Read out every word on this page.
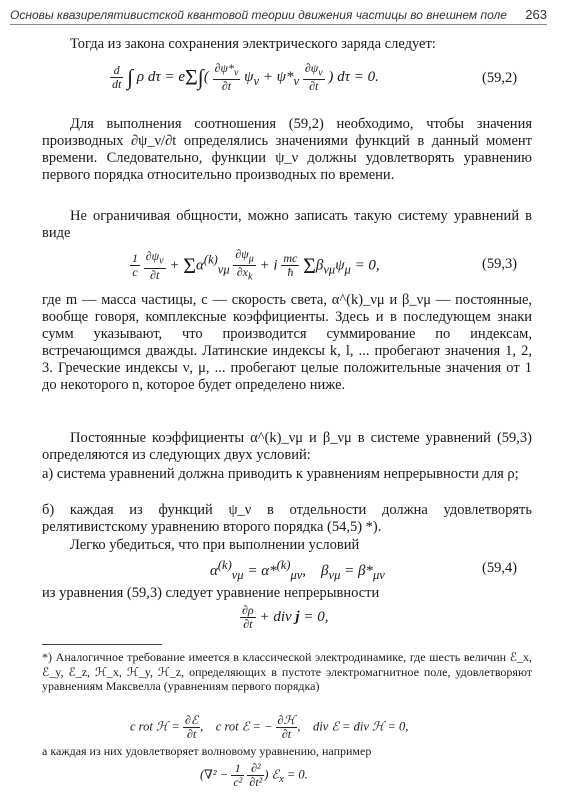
Основы квазирелятивистской квантовой теории движения частицы во внешнем поле 263
Тогда из закона сохранения электрического заряда следует:
$\frac{d}{dt}$ ∫ ρ $d\tau = e\Sigma\int( \frac{\partial\psi*_\nu}{\partial t} \psi_\nu + \psi*_\nu \frac{\partial\psi_\nu}{\partial t}$ ) dτ = 0.	(59,2)
Для выполнения соотношения (59,2) необходимо, чтобы значения производных ∂ψ_ν/∂t определялись значениями функций в данный момент времени. Следовательно, функции ψ_ν должны удовлетворять уравнению первого порядка относительно производных по времени.
Не ограничивая общности, можно записать такую систему уравнений в виде
$\frac{1}{c}$
$\frac{\partial\psi_\nu}{\partial t} + \Sigma\alpha^{(k)}_{\nu\mu} \frac{\partial\psi_\mu}{\partial x_k} + i \frac{mc}{ħ} \Sigma\beta_{\nu\mu}\psi_\mu = 0$,	(59,3)
где m — масса частицы, c — скорость света, α^(k)_νμ и β_νμ — постоянные, вообще говоря, комплексные коэффициенты. Здесь и в последующем знаки сумм указывают, что производится суммирование по индексам, встречающимся дважды. Латинские индексы k, l, ... пробегают значения 1, 2, 3. Греческие индексы ν, μ, ... пробегают целые положительные значения от 1 до некоторого n, которое будет определено ниже.
Постоянные коэффициенты α^(k)_νμ и β_νμ в системе уравнений (59,3) определяются из следующих двух условий:
а) система уравнений должна приводить к уравнениям непрерывности для ρ;
б) каждая из функций ψ_ν в отдельности должна удовлетворять релятивистскому уравнению второго порядка (54,5) *).
Легко убедиться, что при выполнении условий
$\alpha^{(k)}_{\nu\mu} = \alpha*^{(k)}_{\mu\nu}$,    $\beta_{\nu\mu} = \beta*_{\mu\nu}$	(59,4)
из уравнения (59,3) следует уравнение непрерывности
$\frac{\partial\rho}{\partial t}$ + div j = 0,
*) Аналогичное требование имеется в классической электродинамике, где шесть величин ℰ_x, ℰ_y, ℰ_z, ℋ_x, ℋ_y, ℋ_z, определяющих в пустоте электромагнитное поле, удовлетворяют уравнениям Максвелла (уравнениям первого порядка)
c rot ℋ = $\frac{\text{∂ℰ}}{\partial t}$ ,    c rot ℰ = − $\frac{\text{∂ℋ}}{\partial t}$ ,    div ℰ = div ℋ = 0,
а каждая из них удовлетворяет волновому уравнению, например
($\nabla^2 - \frac{1}{\text{c²}}$
$\frac{\text{∂²}}{\text{∂t²}}$ ) ℰ$_x$ = 0.
